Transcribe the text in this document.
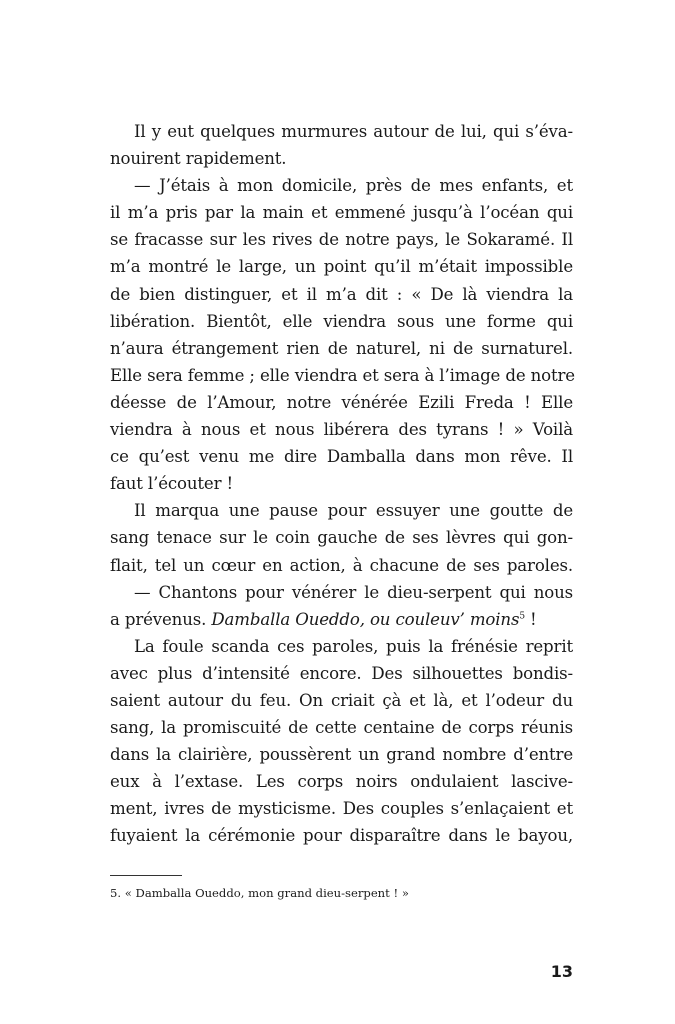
Il y eut quelques murmures autour de lui, qui s’éva-
nouirent rapidement.
— J’étais à mon domicile, près de mes enfants, et
il m’a pris par la main et emmené jusqu’à l’océan qui
se fracasse sur les rives de notre pays, le Sokaramé. Il
m’a montré le large, un point qu’il m’était impossible
de bien distinguer, et il m’a dit : « De là viendra la
libération. Bientôt, elle viendra sous une forme qui
n’aura étrangement rien de naturel, ni de surnaturel.
Elle sera femme ; elle viendra et sera à l’image de notre
déesse de l’Amour, notre vénérée Ezili Freda ! Elle
viendra à nous et nous libérera des tyrans ! » Voilà
ce qu’est venu me dire Damballa dans mon rêve. Il
faut l’écouter !
Il marqua une pause pour essuyer une goutte de
sang tenace sur le coin gauche de ses lèvres qui gon-
flait, tel un cœur en action, à chacune de ses paroles.
— Chantons pour vénérer le dieu-serpent qui nous
a prévenus. Damballa Oueddo, ou couleuv’ moins$^5$ !
La foule scanda ces paroles, puis la frénésie reprit
avec plus d’intensité encore. Des silhouettes bondis-
saient autour du feu. On criait çà et là, et l’odeur du
sang, la promiscuité de cette centaine de corps réunis
dans la clairière, poussèrent un grand nombre d’entre
eux à l’extase. Les corps noirs ondulaient lascive-
ment, ivres de mysticisme. Des couples s’enlaçaient et
fuyaient la cérémonie pour disparaître dans le bayou,
5. « Damballa Oueddo, mon grand dieu-serpent ! »
13
